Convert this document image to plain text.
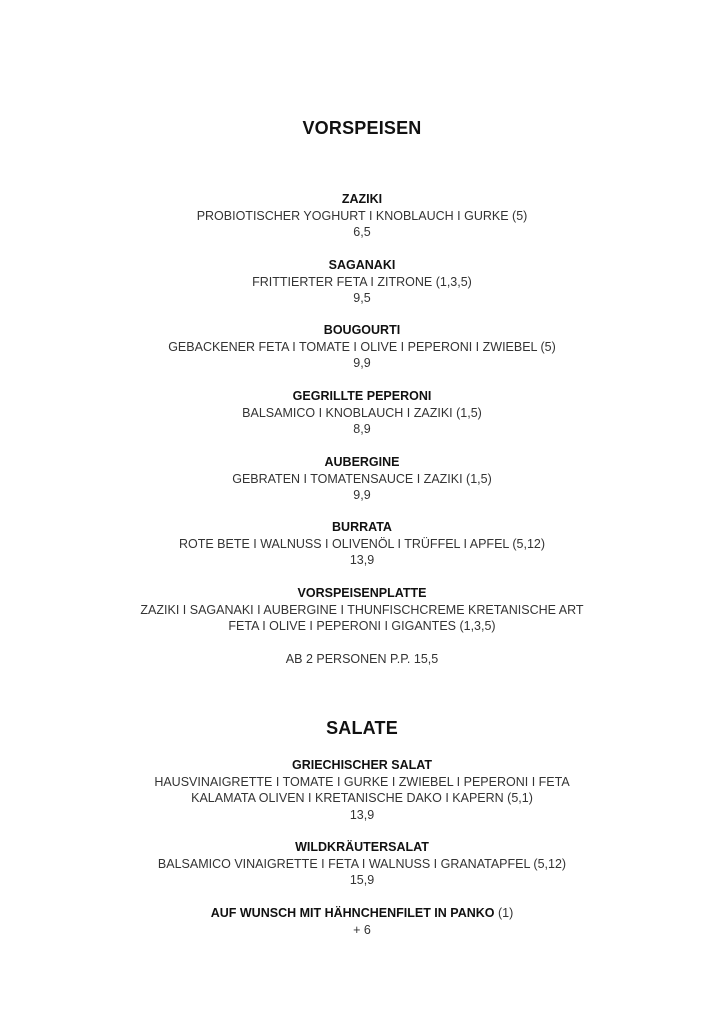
VORSPEISEN
ZAZIKI
PROBIOTISCHER YOGHURT I KNOBLAUCH I GURKE (5)
6,5
SAGANAKI
FRITTIERTER FETA I ZITRONE (1,3,5)
9,5
BOUGOURTI
GEBACKENER FETA I TOMATE I OLIVE I PEPERONI I ZWIEBEL (5)
9,9
GEGRILLTE PEPERONI
BALSAMICO I KNOBLAUCH I ZAZIKI (1,5)
8,9
AUBERGINE
GEBRATEN I TOMATENSAUCE I ZAZIKI (1,5)
9,9
BURRATA
ROTE BETE I WALNUSS I OLIVENÖL I TRÜFFEL I APFEL (5,12)
13,9
VORSPEISENPLATTE
ZAZIKI I SAGANAKI I AUBERGINE I THUNFISCHCREME KRETANISCHE ART
FETA I OLIVE I PEPERONI I GIGANTES (1,3,5)
AB 2 PERSONEN P.P. 15,5
SALATE
GRIECHISCHER SALAT
HAUSVINAIGRETTE I TOMATE I GURKE I ZWIEBEL I PEPERONI I FETA
KALAMATA OLIVEN I KRETANISCHE DAKO I KAPERN (5,1)
13,9
WILDKRÄUTERSALAT
BALSAMICO VINAIGRETTE I FETA I WALNUSS I GRANATAPFEL (5,12)
15,9
AUF WUNSCH MIT HÄHNCHENFILET IN PANKO (1)
+ 6
